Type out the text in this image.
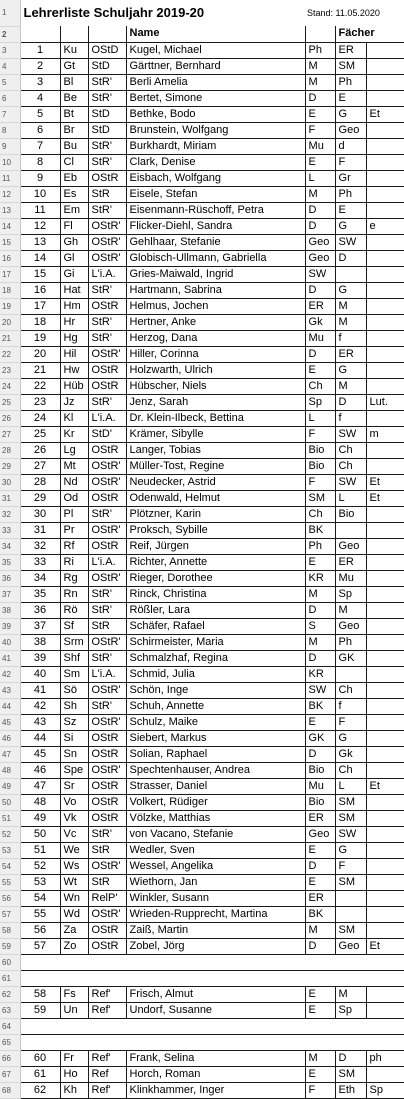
1	Lehrerliste Schuljahr 2019-20				Stand: 11.05.2020		
2				Name		Fächer	
3	1	Ku	OStD	Kugel, Michael	Ph	ER	
4	2	Gt	StD	Gärttner, Bernhard	M	SM	
5	3	Bl	StR'	Berli Amelia	M	Ph	
6	4	Be	StR'	Bertet, Simone	D	E	
7	5	Bt	StD	Bethke, Bodo	E	G	Et
8	6	Br	StD	Brunstein, Wolfgang	F	Geo	
9	7	Bu	StR'	Burkhardt, Miriam	Mu	d	
10	8	Cl	StR'	Clark, Denise	E	F	
11	9	Eb	OStR	Eisbach, Wolfgang	L	Gr	
12	10	Es	StR	Eisele, Stefan	M	Ph	
13	11	Em	StR'	Eisenmann-Rüschoff, Petra	D	E	
14	12	Fl	OStR'	Flicker-Diehl, Sandra	D	G	e
15	13	Gh	OStR'	Gehlhaar, Stefanie	Geo	SW	
16	14	Gl	OStR'	Globisch-Ullmann, Gabriella	Geo	D	
17	15	Gi	L'i.A.	Gries-Maiwald, Ingrid	SW		
18	16	Hat	StR'	Hartmann, Sabrina	D	G	
19	17	Hm	OStR	Helmus, Jochen	ER	M	
20	18	Hr	StR'	Hertner, Anke	Gk	M	
21	19	Hg	StR'	Herzog, Dana	Mu	f	
22	20	Hil	OStR'	Hiller, Corinna	D	ER	
23	21	Hw	OStR	Holzwarth, Ulrich	E	G	
24	22	Hüb	OStR	Hübscher, Niels	Ch	M	
25	23	Jz	StR'	Jenz, Sarah	Sp	D	Lut.
26	24	Kl	L'i.A.	Dr. Klein-Ilbeck, Bettina	L	f	
27	25	Kr	StD'	Krämer, Sibylle	F	SW	m
28	26	Lg	OStR	Langer, Tobias	Bio	Ch	
29	27	Mt	OStR'	Müller-Tost, Regine	Bio	Ch	
30	28	Nd	OStR'	Neudecker, Astrid	F	SW	Et
31	29	Od	OStR	Odenwald, Helmut	SM	L	Et
32	30	Pl	StR'	Plötzner, Karin	Ch	Bio	
33	31	Pr	OStR'	Proksch, Sybille	BK		
34	32	Rf	OStR	Reif, Jürgen	Ph	Geo	
35	33	Ri	L'i.A.	Richter, Annette	E	ER	
36	34	Rg	OStR'	Rieger, Dorothee	KR	Mu	
37	35	Rn	StR'	Rinck, Christina	M	Sp	
38	36	Rö	StR'	Rößler, Lara	D	M	
39	37	Sf	StR	Schäfer, Rafael	S	Geo	
40	38	Srm	OStR'	Schirmeister, Maria	M	Ph	
41	39	Shf	StR'	Schmalzhaf, Regina	D	GK	
42	40	Sm	L'i.A.	Schmid, Julia	KR		
43	41	Sö	OStR'	Schön, Inge	SW	Ch	
44	42	Sh	StR'	Schuh, Annette	BK	f	
45	43	Sz	OStR'	Schulz, Maike	E	F	
46	44	Si	OStR	Siebert, Markus	GK	G	
47	45	Sn	OStR	Solian, Raphael	D	Gk	
48	46	Spe	OStR'	Spechtenhauser, Andrea	Bio	Ch	
49	47	Sr	OStR	Strasser, Daniel	Mu	L	Et
50	48	Vo	OStR	Volkert, Rüdiger	Bio	SM	
51	49	Vk	OStR	Völzke, Matthias	ER	SM	
52	50	Vc	StR'	von Vacano, Stefanie	Geo	SW	
53	51	We	StR	Wedler, Sven	E	G	
54	52	Ws	OStR'	Wessel, Angelika	D	F	
55	53	Wt	StR	Wiethorn, Jan	E	SM	
56	54	Wn	RelP'	Winkler, Susann	ER		
57	55	Wd	OStR'	Wrieden-Rupprecht, Martina	BK		
58	56	Za	OStR	Zaiß, Martin	M	SM	
59	57	Zo	OStR	Zobel, Jörg	D	Geo	Et
60							
61							
62	58	Fs	Ref'	Frisch, Almut	E	M	
63	59	Un	Ref'	Undorf, Susanne	E	Sp	
64							
65							
66	60	Fr	Ref'	Frank, Selina	M	D	ph
67	61	Ho	Ref	Horch, Roman	E	SM	
68	62	Kh	Ref'	Klinkhammer, Inger	F	Eth	Sp
